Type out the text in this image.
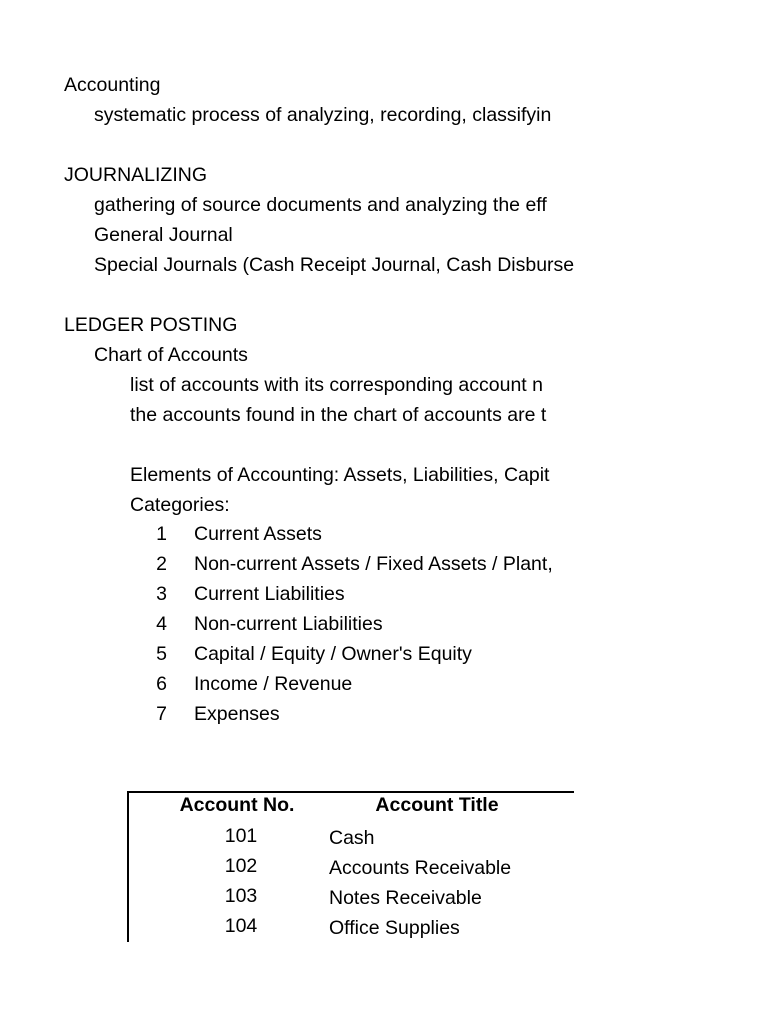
Accounting
systematic process of analyzing, recording, classifyin
JOURNALIZING
gathering of source documents and analyzing the eff
General Journal
Special Journals (Cash Receipt Journal, Cash Disburse
LEDGER POSTING
Chart of Accounts
list of accounts with its corresponding account n
the accounts found in the chart of accounts are t
Elements of Accounting: Assets, Liabilities, Capit
Categories:
1 Current Assets
2 Non-current Assets / Fixed Assets / Plant,
3 Current Liabilities
4 Non-current Liabilities
5 Capital / Equity / Owner's Equity
6 Income / Revenue
7 Expenses
Account No.	Account Title
101	Cash
102	Accounts Receivable
103	Notes Receivable
104	Office Supplies
